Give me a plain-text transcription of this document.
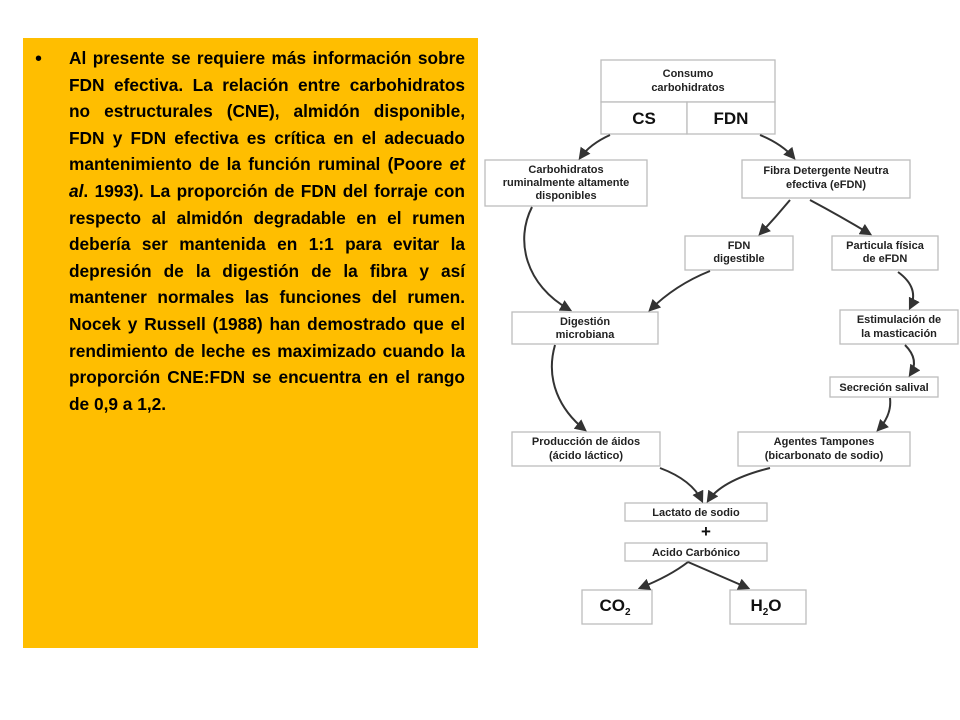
• Al presente se requiere más información sobre FDN efectiva. La relación entre carbohidratos no estructurales (CNE), almidón disponible, FDN y FDN efectiva es crítica en el adecuado mantenimiento de la función ruminal (Poore et al. 1993). La proporción de FDN del forraje con respecto al almidón degradable en el rumen debería ser mantenida en 1:1 para evitar la depresión de la digestión de la fibra y así mantener normales las funciones del rumen. Nocek y Russell (1988) han demostrado que el rendimiento de leche es maximizado cuando la proporción CNE:FDN se encuentra en el rango de 0,9 a 1,2.

Consumo
carbohidratos
CS	FDN
Carbohidratos
ruminalmente altamente
disponibles
Fibra Detergente Neutra
efectiva (eFDN)
FDN
digestible
Digestión
microbiana
Producción de áidos
(ácido láctico)
Agentes Tampones
(bicarbonato de sodio)
Lactato de sodio
+
Acido Carbónico
$CO_2$	$H_2O$
Particula física
de eFDN
Estimulación de
la masticación
Secreción salival
